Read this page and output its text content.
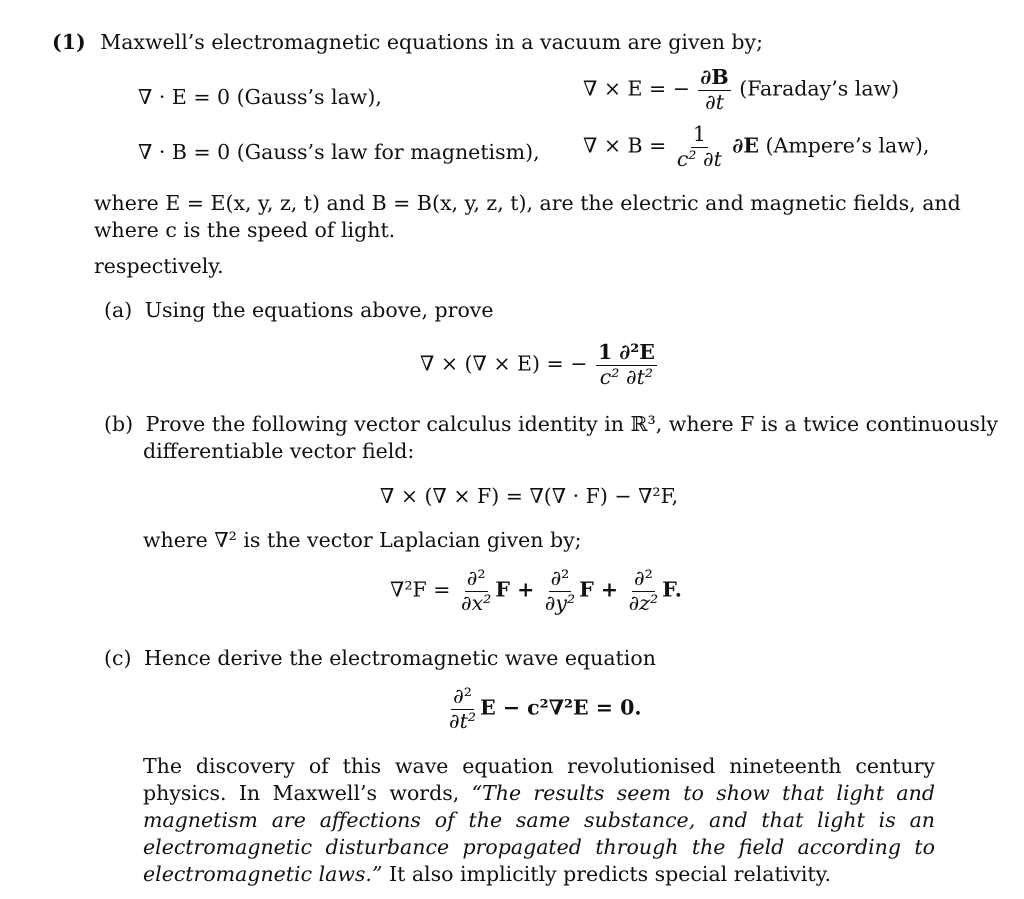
(1) Maxwell’s electromagnetic equations in a vacuum are given by;
∇ · E = 0 (Gauss’s law),
∇ · B = 0 (Gauss’s law for magnetism),
∇ × E = − $\frac{\partial B}{\partial t}$ (Faraday’s law)
∇ × $B = \frac{1}{\text{c² ∂t}} \partial E$ (Ampere’s law),
where E = E(x, y, z, t) and B = B(x, y, z, t), are the electric and magnetic fields, and
where c is the speed of light.
respectively.
(a) Using the equations above, prove
∇ × (∇ × E) = − $\frac{\text{1 ∂²E}}{\text{c² ∂t²}}$
(b) Prove the following vector calculus identity in ℝ³, where F is a twice continuously
differentiable vector field:
∇ × (∇ × F) = ∇(∇ · F) − ∇²F,
where ∇² is the vector Laplacian given by;
$\nabla^2F = \frac{\text{∂²}}{\text{∂x²}}$ $F + \frac{\text{∂²}}{\text{∂y²}}$ $F + \frac{\text{∂²}}{\text{∂z²}} F$.
(c) Hence derive the electromagnetic wave equation
$\frac{\text{∂²}}{\text{∂t²}}$ E − c²∇²E = 0.
The discovery of this wave equation revolutionised nineteenth century physics. In Maxwell’s words, “The results seem to show that light and magnetism are affections of the same substance, and that light is an electromagnetic disturbance propagated through the field according to electromagnetic laws.” It also implicitly predicts special relativity.
